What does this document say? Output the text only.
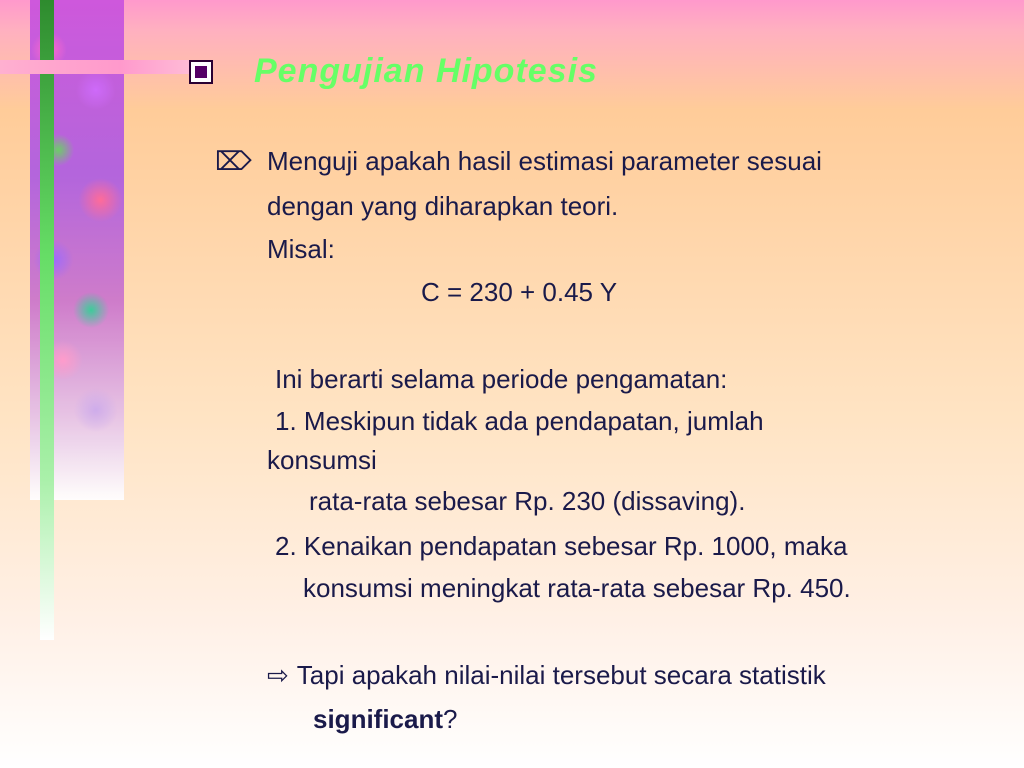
Pengujian Hipotesis
⌦ Menguji apakah hasil estimasi parameter sesuai
dengan yang diharapkan teori.
Misal:
C = 230 + 0.45 Y
Ini berarti selama periode pengamatan:
1. Meskipun tidak ada pendapatan, jumlah
konsumsi
rata-rata sebesar Rp. 230 (dissaving).
2. Kenaikan pendapatan sebesar Rp. 1000, maka
konsumsi meningkat rata-rata sebesar Rp. 450.
⇨ Tapi apakah nilai-nilai tersebut secara statistik
significant?
